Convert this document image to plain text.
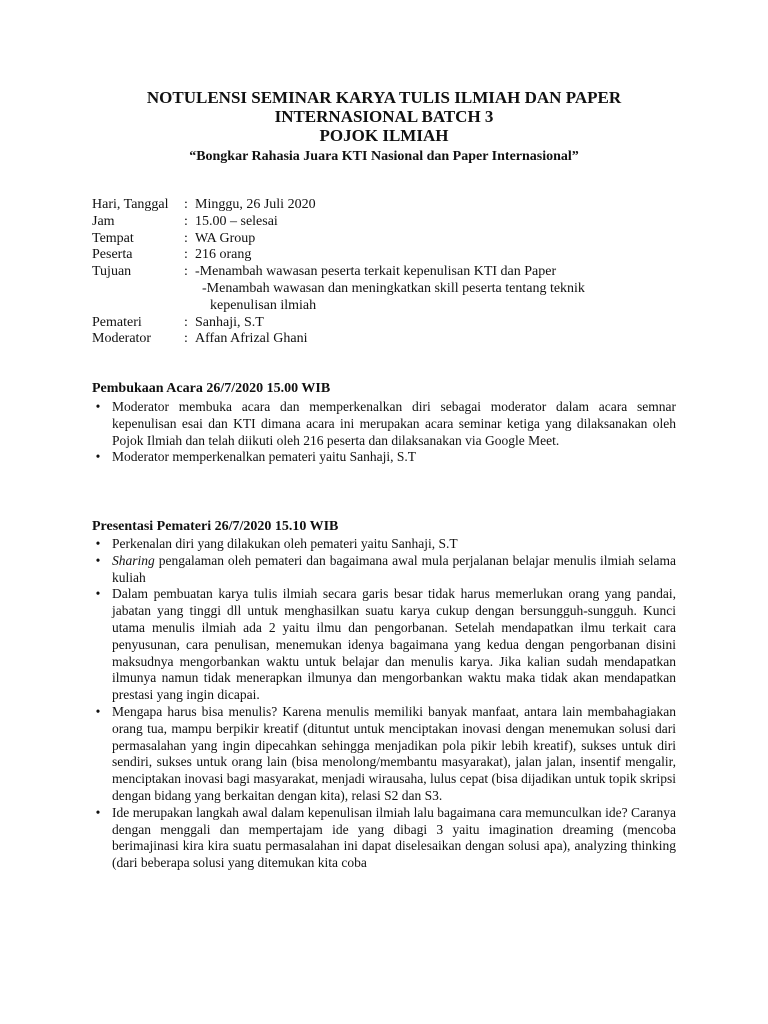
NOTULENSI SEMINAR KARYA TULIS ILMIAH DAN PAPER
INTERNASIONAL BATCH 3
POJOK ILMIAH
“Bongkar Rahasia Juara KTI Nasional dan Paper Internasional”
Hari, Tanggal	: Minggu, 26 Juli 2020
Jam	: 15.00 – selesai
Tempat	: WA Group
Peserta	: 216 orang
Tujuan	: -Menambah wawasan peserta terkait kepenulisan KTI dan Paper
-Menambah wawasan dan meningkatkan skill peserta tentang teknik
kepenulisan ilmiah
Pemateri	: Sanhaji, S.T
Moderator	: Affan Afrizal Ghani
Pembukaan Acara 26/7/2020 15.00 WIB
• Moderator membuka acara dan memperkenalkan diri sebagai moderator dalam acara semnar kepenulisan esai dan KTI dimana acara ini merupakan acara seminar ketiga yang dilaksanakan oleh Pojok Ilmiah dan telah diikuti oleh 216 peserta dan dilaksanakan via Google Meet.
• Moderator memperkenalkan pemateri yaitu Sanhaji, S.T
Presentasi Pemateri 26/7/2020 15.10 WIB
• Perkenalan diri yang dilakukan oleh pemateri yaitu Sanhaji, S.T
• Sharing pengalaman oleh pemateri dan bagaimana awal mula perjalanan belajar menulis ilmiah selama kuliah
• Dalam pembuatan karya tulis ilmiah secara garis besar tidak harus memerlukan orang yang pandai, jabatan yang tinggi dll untuk menghasilkan suatu karya cukup dengan bersungguh-sungguh. Kunci utama menulis ilmiah ada 2 yaitu ilmu dan pengorbanan. Setelah mendapatkan ilmu terkait cara penyusunan, cara penulisan, menemukan idenya bagaimana yang kedua dengan pengorbanan disini maksudnya mengorbankan waktu untuk belajar dan menulis karya. Jika kalian sudah mendapatkan ilmunya namun tidak menerapkan ilmunya dan mengorbankan waktu maka tidak akan mendapatkan prestasi yang ingin dicapai.
• Mengapa harus bisa menulis? Karena menulis memiliki banyak manfaat, antara lain membahagiakan orang tua, mampu berpikir kreatif (dituntut untuk menciptakan inovasi dengan menemukan solusi dari permasalahan yang ingin dipecahkan sehingga menjadikan pola pikir lebih kreatif), sukses untuk diri sendiri, sukses untuk orang lain (bisa menolong/membantu masyarakat), jalan jalan, insentif mengalir, menciptakan inovasi bagi masyarakat, menjadi wirausaha, lulus cepat (bisa dijadikan untuk topik skripsi dengan bidang yang berkaitan dengan kita), relasi S2 dan S3.
• Ide merupakan langkah awal dalam kepenulisan ilmiah lalu bagaimana cara memunculkan ide? Caranya dengan menggali dan mempertajam ide yang dibagi 3 yaitu imagination dreaming (mencoba berimajinasi kira kira suatu permasalahan ini dapat diselesaikan dengan solusi apa), analyzing thinking (dari beberapa solusi yang ditemukan kita coba
